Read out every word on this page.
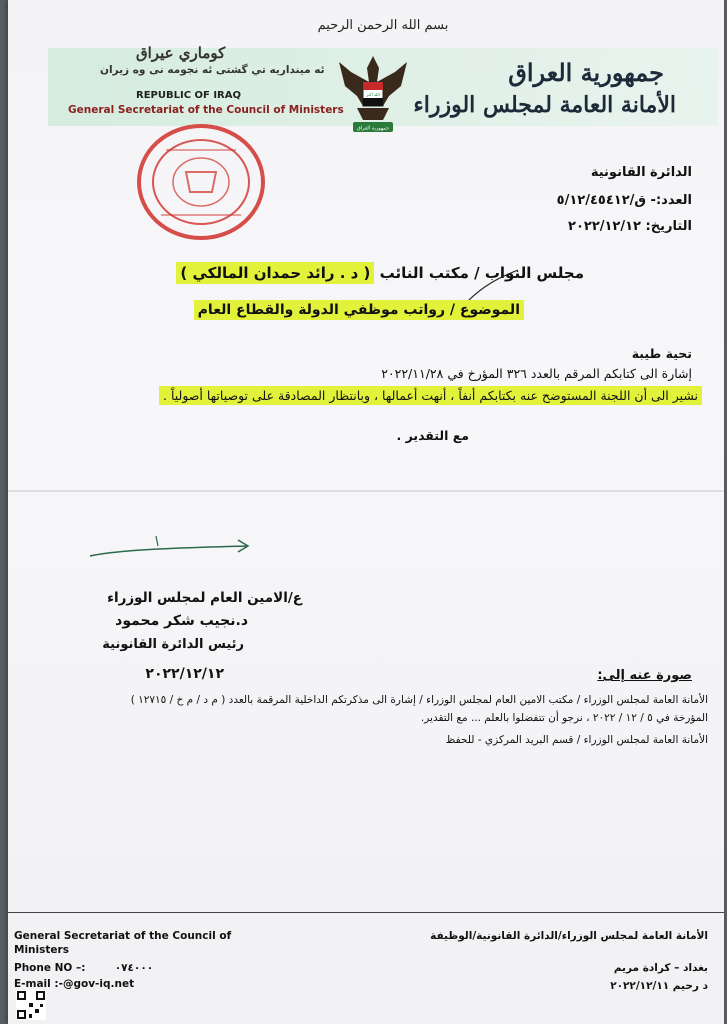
بسم الله الرحمن الرحيم
جمهورية العراق
الأمانة العامة لمجلس الوزراء
كوماري عيراق
ئه مينداريه تي گشتى ئه نجومه نى وه زيران
REPUBLIC OF IRAQ
General Secretariat of the Council of Ministers
الله أكبر
جمهورية العراق
الدائرة القانونية
العدد:- ق/٥/١٢/٤٥٤١٢
التاريخ: ٢٠٢٢/١٢/١٢
مجلس النواب / مكتب النائب ( د . رائد حمدان المالكي )
الموضوع / رواتب موظفي الدولة والقطاع العام
تحية طيبة
إشارة الى كتابكم المرقم بالعدد ٣٢٦ المؤرخ في ٢٠٢٢/١١/٢٨
نشير الى أن اللجنة المستوضح عنه بكتابكم أنفاً ، أنهت أعمالها ، وبانتظار المصادقة على توصياتها أصولياً .
مع التقدير .
ع/الامين العام لمجلس الوزراء
د.نجيب شكر محمود
رئيس الدائرة القانونية
٢٠٢٢/١٢/١٢	صورة عنه إلى:
الأمانة العامة لمجلس الوزراء / مكتب الامين العام لمجلس الوزراء / إشارة الى مذكرتكم الداخلية المرقمة بالعدد ( م د / م خ / ١٢٧١٥ )
المؤرخة في ٥ / ١٢ / ٢٠٢٢ ، نرجو أن تتفضلوا بالعلم ... مع التقدير.
الأمانة العامة لمجلس الوزراء / قسم البريد المركزي - للحفظ
General Secretariat of the Council of
Ministers
Phone NO –:        ٠٧٤٠٠٠
E-mail :-@gov-iq.net
الأمانة العامة لمجلس الوزراء/الدائرة القانونية/الوظيفة
بغداد – كرادة مريم
د رحيم ٢٠٢٢/١٢/١١
